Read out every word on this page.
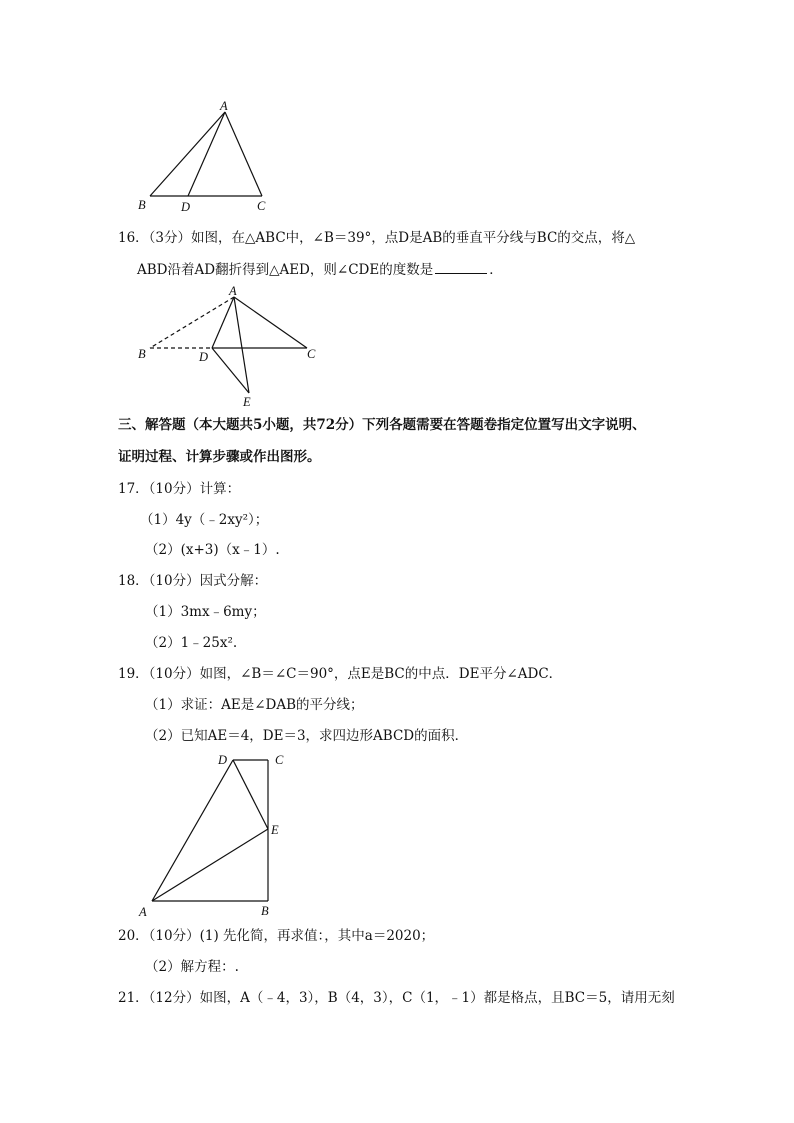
A
B	D	C
16．（3分）如图，在△ABC中，∠B＝39°，点D是AB的垂直平分线与BC的交点，将△
ABD沿着AD翻折得到△AED，则∠CDE的度数是	．
A
B	D	C
E
三、解答题（本大题共5小题，共72分）下列各题需要在答题卷指定位置写出文字说明、
证明过程、计算步骤或作出图形。
17．（10分）计算：
（1）4y（﹣2xy²）；
（2）(x+3)（x﹣1）.
18．（10分）因式分解：
（1）3mx﹣6my；
（2）1﹣25x².
19．（10分）如图，∠B＝∠C＝90°，点E是BC的中点．DE平分∠ADC．
（1）求证：AE是∠DAB的平分线；
（2）已知AE＝4，DE＝3，求四边形ABCD的面积．
D	C
E
A	B
20．（10分）(1) 先化简，再求值：，其中a＝2020；
（2）解方程：.
21．（12分）如图，A（﹣4，3），B（4，3），C（1，﹣1）都是格点，且BC＝5，请用无刻
